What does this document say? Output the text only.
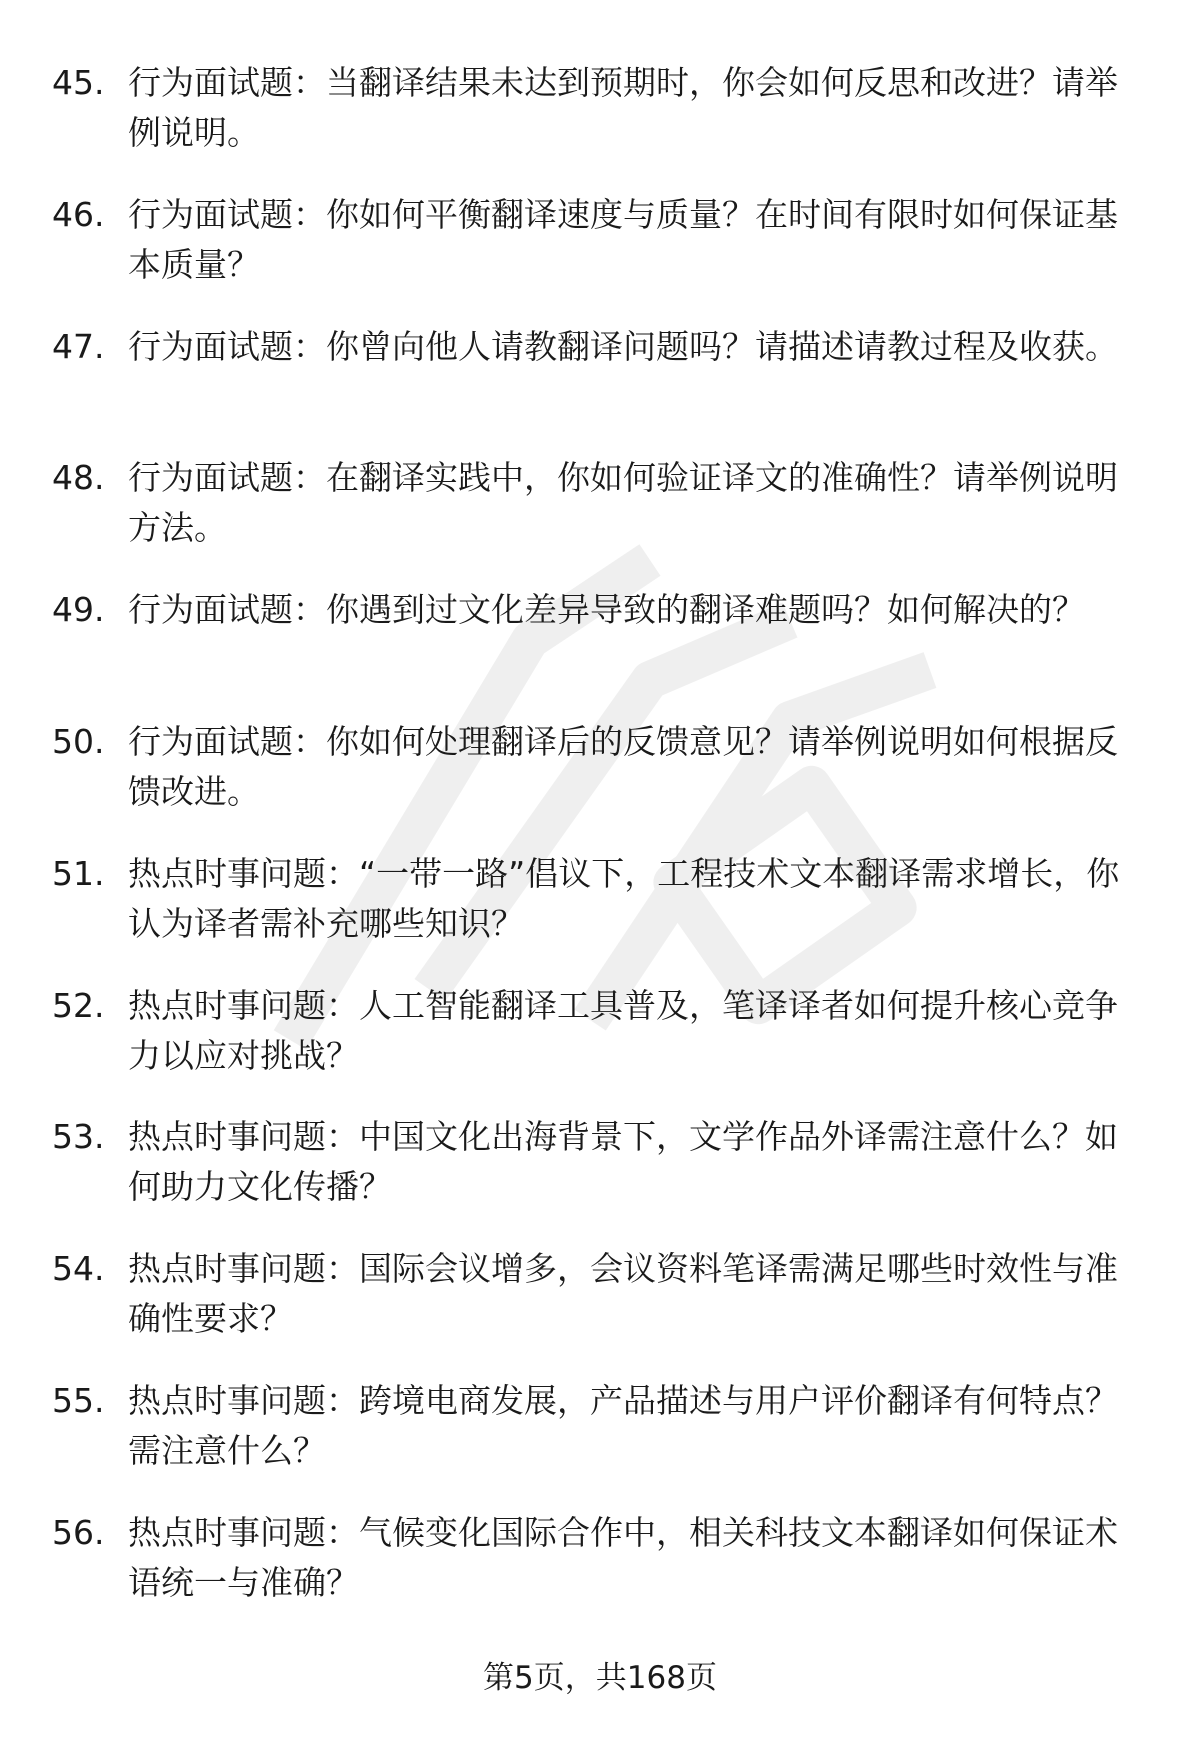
45. 行为面试题：当翻译结果未达到预期时，你会如何反思和改进？请举例说明。
46. 行为面试题：你如何平衡翻译速度与质量？在时间有限时如何保证基本质量？
47. 行为面试题：你曾向他人请教翻译问题吗？请描述请教过程及收获。
48. 行为面试题：在翻译实践中，你如何验证译文的准确性？请举例说明方法。
49. 行为面试题：你遇到过文化差异导致的翻译难题吗？如何解决的？
50. 行为面试题：你如何处理翻译后的反馈意见？请举例说明如何根据反馈改进。
51. 热点时事问题：“一带一路”倡议下，工程技术文本翻译需求增长，你认为译者需补充哪些知识？
52. 热点时事问题：人工智能翻译工具普及，笔译译者如何提升核心竞争力以应对挑战？
53. 热点时事问题：中国文化出海背景下，文学作品外译需注意什么？如何助力文化传播？
54. 热点时事问题：国际会议增多，会议资料笔译需满足哪些时效性与准确性要求？
55. 热点时事问题：跨境电商发展，产品描述与用户评价翻译有何特点？需注意什么？
56. 热点时事问题：气候变化国际合作中，相关科技文本翻译如何保证术语统一与准确？
第5页，共168页
